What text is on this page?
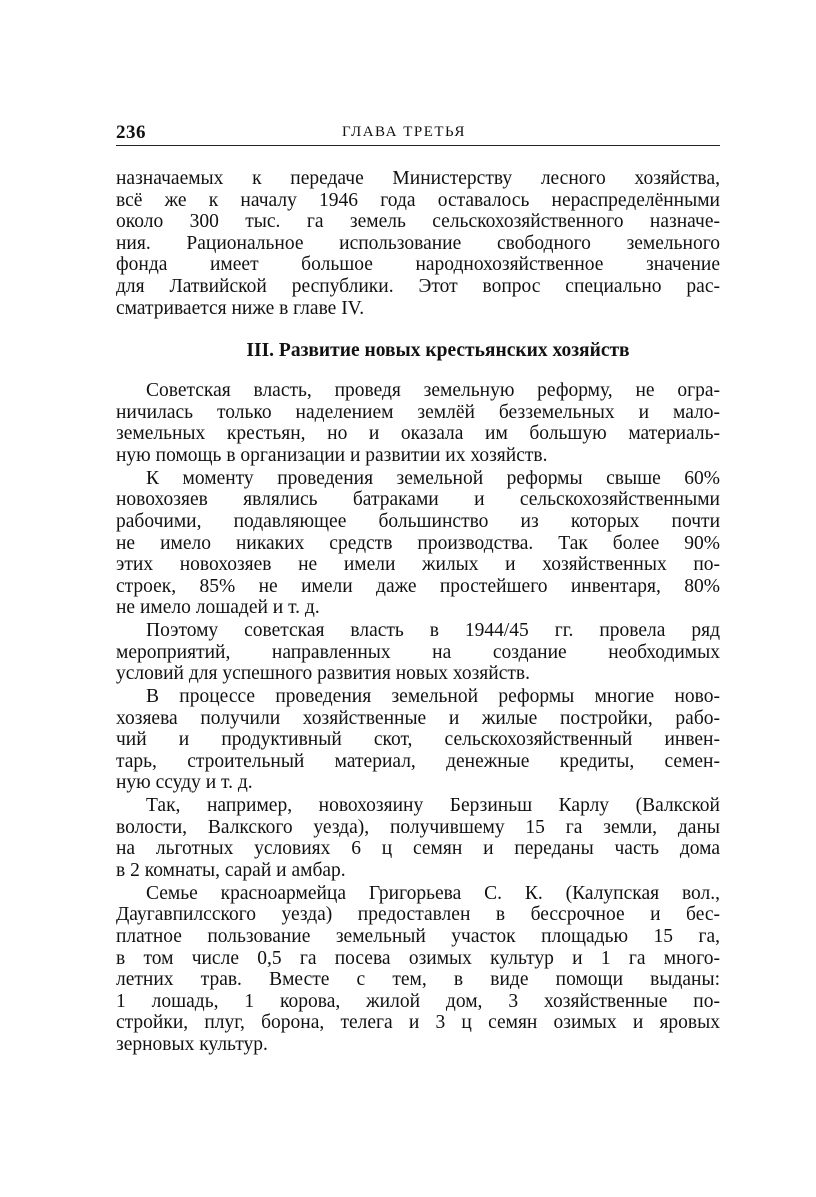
236	ГЛАВА ТРЕТЬЯ
назначаемых к передаче Министерству лесного хозяйства,
всё же к началу 1946 года оставалось нераспределёнными
около 300 тыс. га земель сельскохозяйственного назначе-
ния. Рациональное использование свободного земельного
фонда имеет большое народнохозяйственное значение
для Латвийской республики. Этот вопрос специально рас-
сматривается ниже в главе IV.
III. Развитие новых крестьянских хозяйств
Советская власть, проведя земельную реформу, не огра-
ничилась только наделением землёй безземельных и мало-
земельных крестьян, но и оказала им большую материаль-
ную помощь в организации и развитии их хозяйств.
К моменту проведения земельной реформы свыше 60%
новохозяев являлись батраками и сельскохозяйственными
рабочими, подавляющее большинство из которых почти
не имело никаких средств производства. Так более 90%
этих новохозяев не имели жилых и хозяйственных по-
строек, 85% не имели даже простейшего инвентаря, 80%
не имело лошадей и т. д.
Поэтому советская власть в 1944/45 гг. провела ряд
мероприятий, направленных на создание необходимых
условий для успешного развития новых хозяйств.
В процессе проведения земельной реформы многие ново-
хозяева получили хозяйственные и жилые постройки, рабо-
чий и продуктивный скот, сельскохозяйственный инвен-
тарь, строительный материал, денежные кредиты, семен-
ную ссуду и т. д.
Так, например, новохозяину Берзиньш Карлу (Валкской
волости, Валкского уезда), получившему 15 га земли, даны
на льготных условиях 6 ц семян и переданы часть дома
в 2 комнаты, сарай и амбар.
Семье красноармейца Григорьева С. К. (Калупская вол.,
Даугавпилсского уезда) предоставлен в бессрочное и бес-
платное пользование земельный участок площадью 15 га,
в том числе 0,5 га посева озимых культур и 1 га много-
летних трав. Вместе с тем, в виде помощи выданы:
1 лошадь, 1 корова, жилой дом, 3 хозяйственные по-
стройки, плуг, борона, телега и 3 ц семян озимых и яровых
зерновых культур.
